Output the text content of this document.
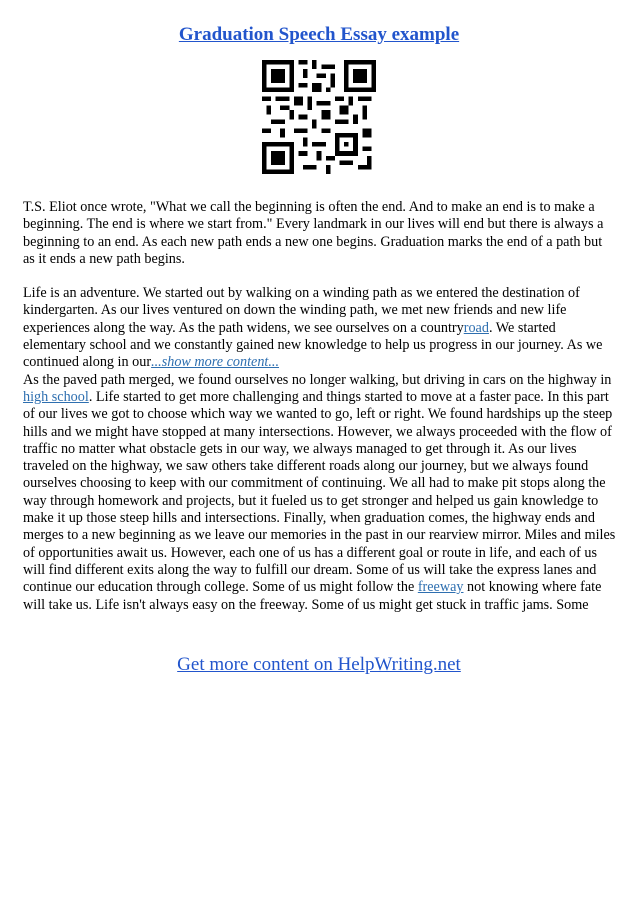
Graduation Speech Essay example

T.S. Eliot once wrote, "What we call the beginning is often the end. And to make an end is to make a beginning. The end is where we start from." Every landmark in our lives will end but there is always a beginning to an end. As each new path ends a new one begins. Graduation marks the end of a path but as it ends a new path begins.

Life is an adventure. We started out by walking on a winding path as we entered the destination of kindergarten. As our lives ventured on down the winding path, we met new friends and new life experiences along the way. As the path widens, we see ourselves on a countryroad. We started elementary school and we constantly gained new knowledge to help us progress in our journey. As we continued along in our...show more content...

As the paved path merged, we found ourselves no longer walking, but driving in cars on the highway in high school. Life started to get more challenging and things started to move at a faster pace. In this part of our lives we got to choose which way we wanted to go, left or right. We found hardships up the steep hills and we might have stopped at many intersections. However, we always proceeded with the flow of traffic no matter what obstacle gets in our way, we always managed to get through it. As our lives traveled on the highway, we saw others take different roads along our journey, but we always found ourselves choosing to keep with our commitment of continuing. We all had to make pit stops along the way through homework and projects, but it fueled us to get stronger and helped us gain knowledge to make it up those steep hills and intersections. Finally, when graduation comes, the highway ends and merges to a new beginning as we leave our memories in the past in our rearview mirror. Miles and miles of opportunities await us. However, each one of us has a different goal or route in life, and each of us will find different exits along the way to fulfill our dream. Some of us will take the express lanes and continue our education through college. Some of us might follow the freeway not knowing where fate will take us. Life isn't always easy on the freeway. Some of us might get stuck in traffic jams. Some

Get more content on HelpWriting.net
